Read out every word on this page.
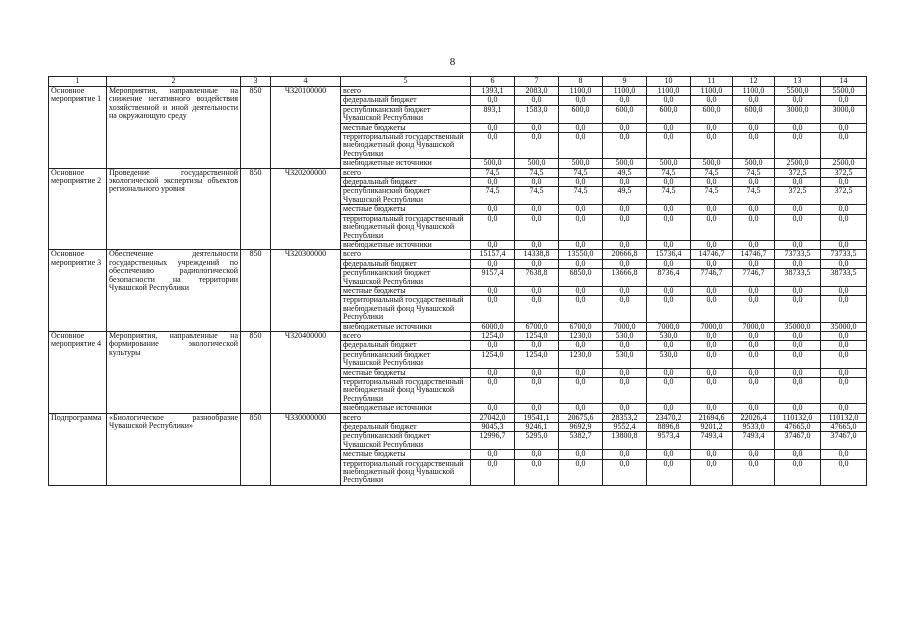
8
1	2	3	4	5	6	7	8	9	10	11	12	13	14
Основное мероприятие 1	Мероприятия, направленные на снижение негативного воздействия хозяйственной и иной деятельности на окружающую среду	850	Ч320100000	всего	1393,1	2083,0	1100,0	1100,0	1100,0	1100,0	1100,0	5500,0	5500,0
				федеральный бюджет	0,0	0,0	0,0	0,0	0,0	0,0	0,0	0,0	0,0
				республиканский бюджет Чувашской Республики	893,1	1583,0	600,0	600,0	600,0	600,0	600,0	3000,0	3000,0
				местные бюджеты	0,0	0,0	0,0	0,0	0,0	0,0	0,0	0,0	0,0
				территориальный государственный внебюджетный фонд Чувашской Республики	0,0	0,0	0,0	0,0	0,0	0,0	0,0	0,0	0,0
				внебюджетные источники	500,0	500,0	500,0	500,0	500,0	500,0	500,0	2500,0	2500,0
Основное мероприятие 2	Проведение государственной экологической экспертизы объектов регионального уровня	850	Ч320200000	всего	74,5	74,5	74,5	49,5	74,5	74,5	74,5	372,5	372,5
				федеральный бюджет	0,0	0,0	0,0	0,0	0,0	0,0	0,0	0,0	0,0
				республиканский бюджет Чувашской Республики	74,5	74,5	74,5	49,5	74,5	74,5	74,5	372,5	372,5
				местные бюджеты	0,0	0,0	0,0	0,0	0,0	0,0	0,0	0,0	0,0
				территориальный государственный внебюджетный фонд Чувашской Республики	0,0	0,0	0,0	0,0	0,0	0,0	0,0	0,0	0,0
				внебюджетные источники	0,0	0,0	0,0	0,0	0,0	0,0	0,0	0,0	0,0
Основное мероприятие 3	Обеспечение деятельности государственных учреждений по обеспечению радиологической безопасности на территории Чувашской Республики	850	Ч320300000	всего	15157,4	14338,8	13550,0	20666,8	15736,4	14746,7	14746,7	73733,5	73733,5
				федеральный бюджет	0,0	0,0	0,0	0,0	0,0	0,0	0,0	0,0	0,0
				республиканский бюджет Чувашской Республики	9157,4	7638,8	6850,0	13666,8	8736,4	7746,7	7746,7	38733,5	38733,5
				местные бюджеты	0,0	0,0	0,0	0,0	0,0	0,0	0,0	0,0	0,0
				территориальный государственный внебюджетный фонд Чувашской Республики	0,0	0,0	0,0	0,0	0,0	0,0	0,0	0,0	0,0
				внебюджетные источники	6000,0	6700,0	6700,0	7000,0	7000,0	7000,0	7000,0	35000,0	35000,0
Основное мероприятие 4	Мероприятия, направленные на формирование экологической культуры	850	Ч320400000	всего	1254,0	1254,0	1230,0	530,0	530,0	0,0	0,0	0,0	0,0
				федеральный бюджет	0,0	0,0	0,0	0,0	0,0	0,0	0,0	0,0	0,0
				республиканский бюджет Чувашской Республики	1254,0	1254,0	1230,0	530,0	530,0	0,0	0,0	0,0	0,0
				местные бюджеты	0,0	0,0	0,0	0,0	0,0	0,0	0,0	0,0	0,0
				территориальный государственный внебюджетный фонд Чувашской Республики	0,0	0,0	0,0	0,0	0,0	0,0	0,0	0,0	0,0
				внебюджетные источники	0,0	0,0	0,0	0,0	0,0	0,0	0,0	0,0	0,0
Подпрограмма	«Биологическое разнообразие Чувашской Республики»	850	Ч330000000	всего	27042,0	19541,1	20675,6	28353,2	23470,2	21694,6	22026,4	110132,0	110132,0
				федеральный бюджет	9045,3	9246,1	9692,9	9552,4	8896,8	9201,2	9533,0	47665,0	47665,0
				республиканский бюджет Чувашской Республики	12996,7	5295,0	5382,7	13800,8	9573,4	7493,4	7493,4	37467,0	37467,0
				местные бюджеты	0,0	0,0	0,0	0,0	0,0	0,0	0,0	0,0	0,0
				территориальный государственный внебюджетный фонд Чувашской Республики	0,0	0,0	0,0	0,0	0,0	0,0	0,0	0,0	0,0
